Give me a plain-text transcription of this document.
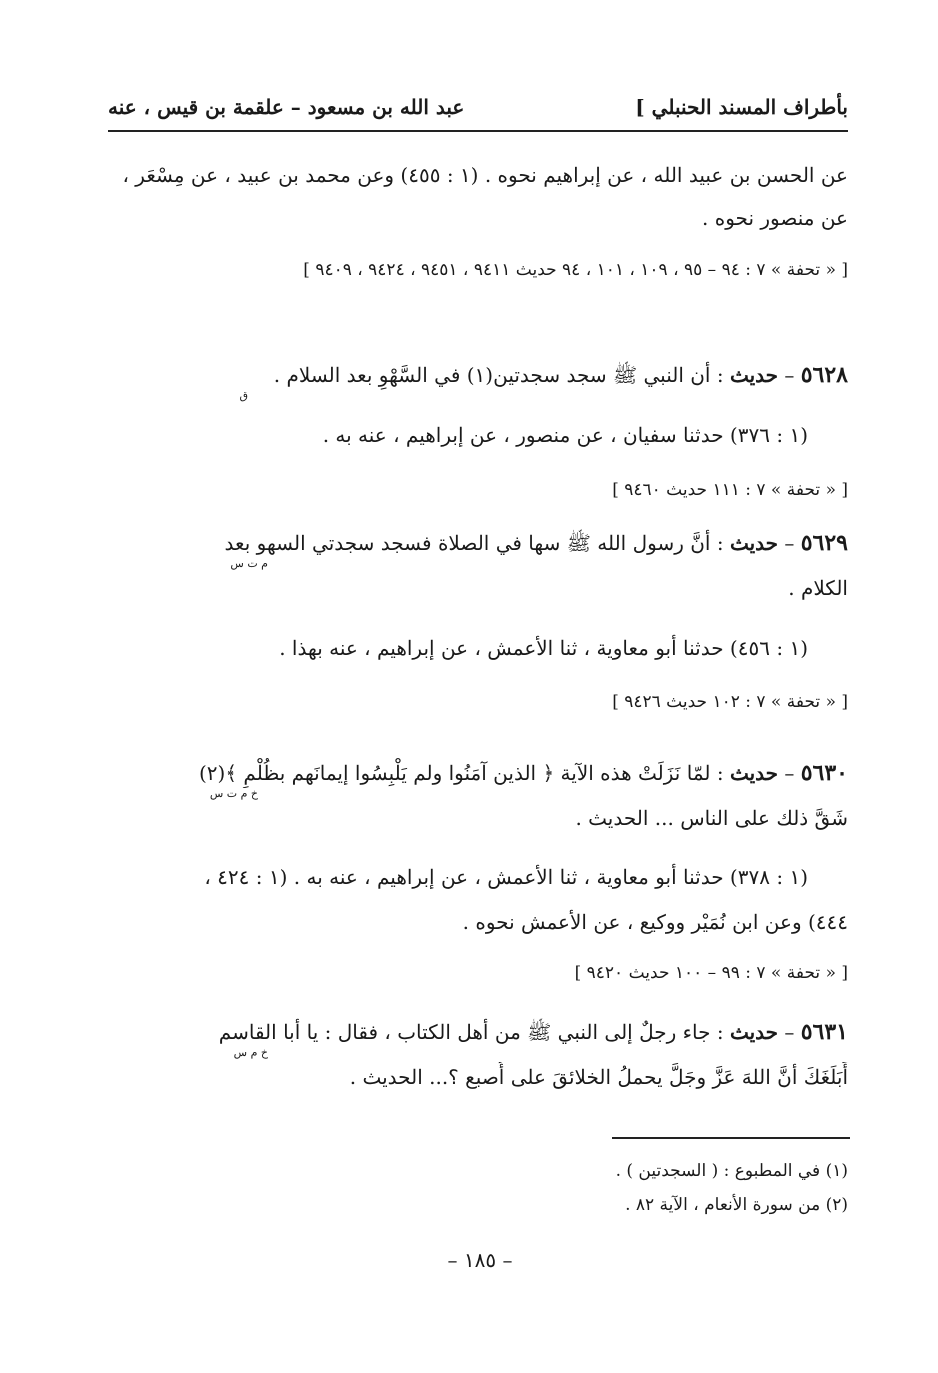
بأطراف المسند الحنبلي ]
عبد الله بن مسعود – علقمة بن قيس ، عنه
عن الحسن بن عبيد الله ، عن إبراهيم نحوه . (١ : ٤٥٥) وعن محمد بن عبيد ، عن مِسْعَر ،
عن منصور نحوه .
[ « تحفة » ٧ : ٩٤ – ٩٥ ، ١٠٩ ، ١٠١ ، ٩٤ حديث ٩٤١١ ، ٩٤٥١ ، ٩٤٢٤ ، ٩٤٠٩ ]
٥٦٢٨ – حديث : أن النبي ﷺ سجد سجدتين(١) في السَّهْوِ بعد السلام .
ق
(١ : ٣٧٦) حدثنا سفيان ، عن منصور ، عن إبراهيم ، عنه به .
[ « تحفة » ٧ : ١١١ حديث ٩٤٦٠ ]
٥٦٢٩ – حديث : أنَّ رسول الله ﷺ سها في الصلاة فسجد سجدتي السهو بعد
م ت س
الكلام .
(١ : ٤٥٦) حدثنا أبو معاوية ، ثنا الأعمش ، عن إبراهيم ، عنه بهذا .
[ « تحفة » ٧ : ١٠٢ حديث ٩٤٢٦ ]
٥٦٣٠ – حديث : لمّا نَزَلَتْ هذه الآية ﴿ الذين آمَنُوا ولم يَلْبِسُوا إيمانَهم بظُلْمٍ ﴾(٢)
خ م ت س
شَقَّ ذلك على الناس ... الحديث .
(١ : ٣٧٨) حدثنا أبو معاوية ، ثنا الأعمش ، عن إبراهيم ، عنه به . (١ : ٤٢٤ ،
٤٤٤) وعن ابن نُمَيْر ووكيع ، عن الأعمش نحوه .
[ « تحفة » ٧ : ٩٩ – ١٠٠ حديث ٩٤٢٠ ]
٥٦٣١ – حديث : جاء رجلٌ إلى النبي ﷺ من أهل الكتاب ، فقال : يا أبا القاسم
خ م س
أَبَلَغَكَ أنَّ اللهَ عَزَّ وجَلَّ يحملُ الخلائقَ على أُصبع ؟... الحديث .
(١) في المطبوع : ( السجدتين ) .
(٢) من سورة الأنعام ، الآية ٨٢ .
– ١٨٥ –
